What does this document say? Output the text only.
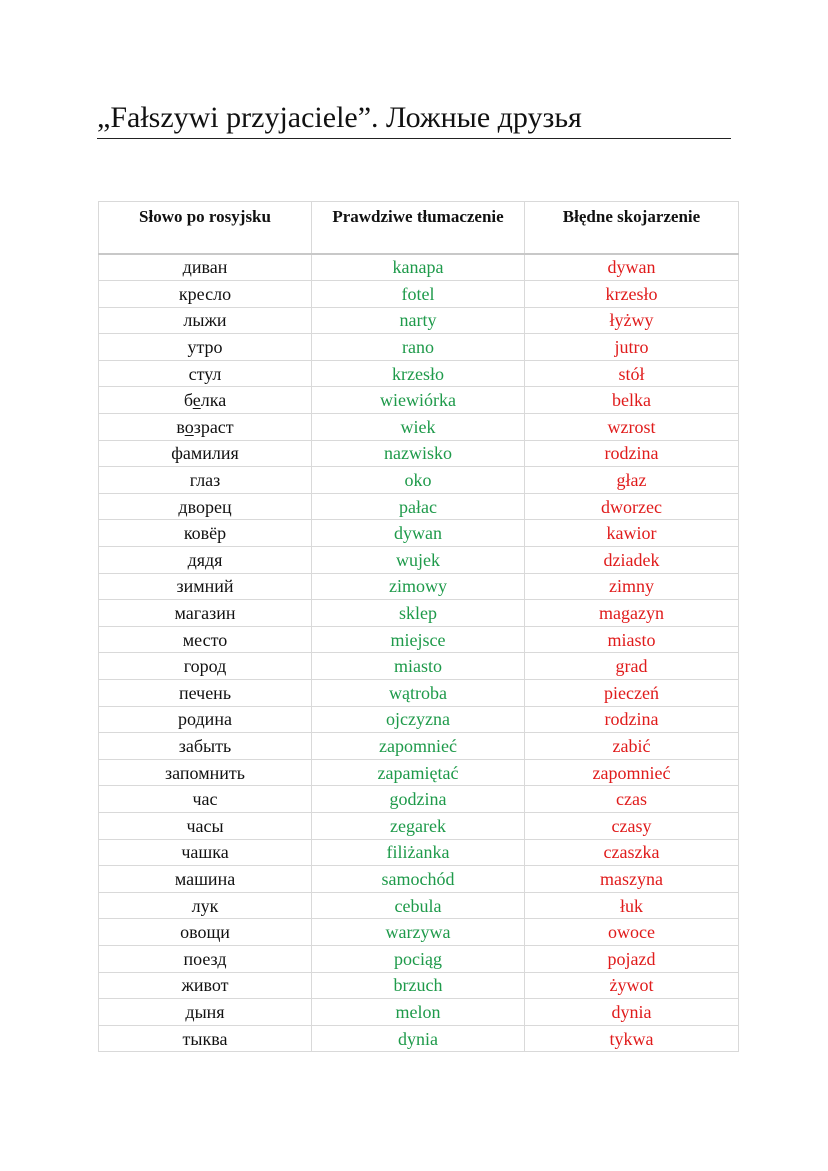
„Fałszywi przyjaciele”. Ложные друзья
Słowo po rosyjsku	Prawdziwe tłumaczenie	Błędne skojarzenie
диван	kanapa	dywan
кресло	fotel	krzesło
лыжи	narty	łyżwy
утро	rano	jutro
стул	krzesło	stół
белка	wiewiórka	belka
возраст	wiek	wzrost
фамилия	nazwisko	rodzina
глаз	oko	głaz
дворец	pałac	dworzec
ковёр	dywan	kawior
дядя	wujek	dziadek
зимний	zimowy	zimny
магазин	sklep	magazyn
место	miejsce	miasto
город	miasto	grad
печень	wątroba	pieczeń
родина	ojczyzna	rodzina
забыть	zapomnieć	zabić
запомнить	zapamiętać	zapomnieć
час	godzina	czas
часы	zegarek	czasy
чашка	filiżanka	czaszka
машина	samochód	maszyna
лук	cebula	łuk
овощи	warzywa	owoce
поезд	pociąg	pojazd
живот	brzuch	żywot
дыня	melon	dynia
тыква	dynia	tykwa
